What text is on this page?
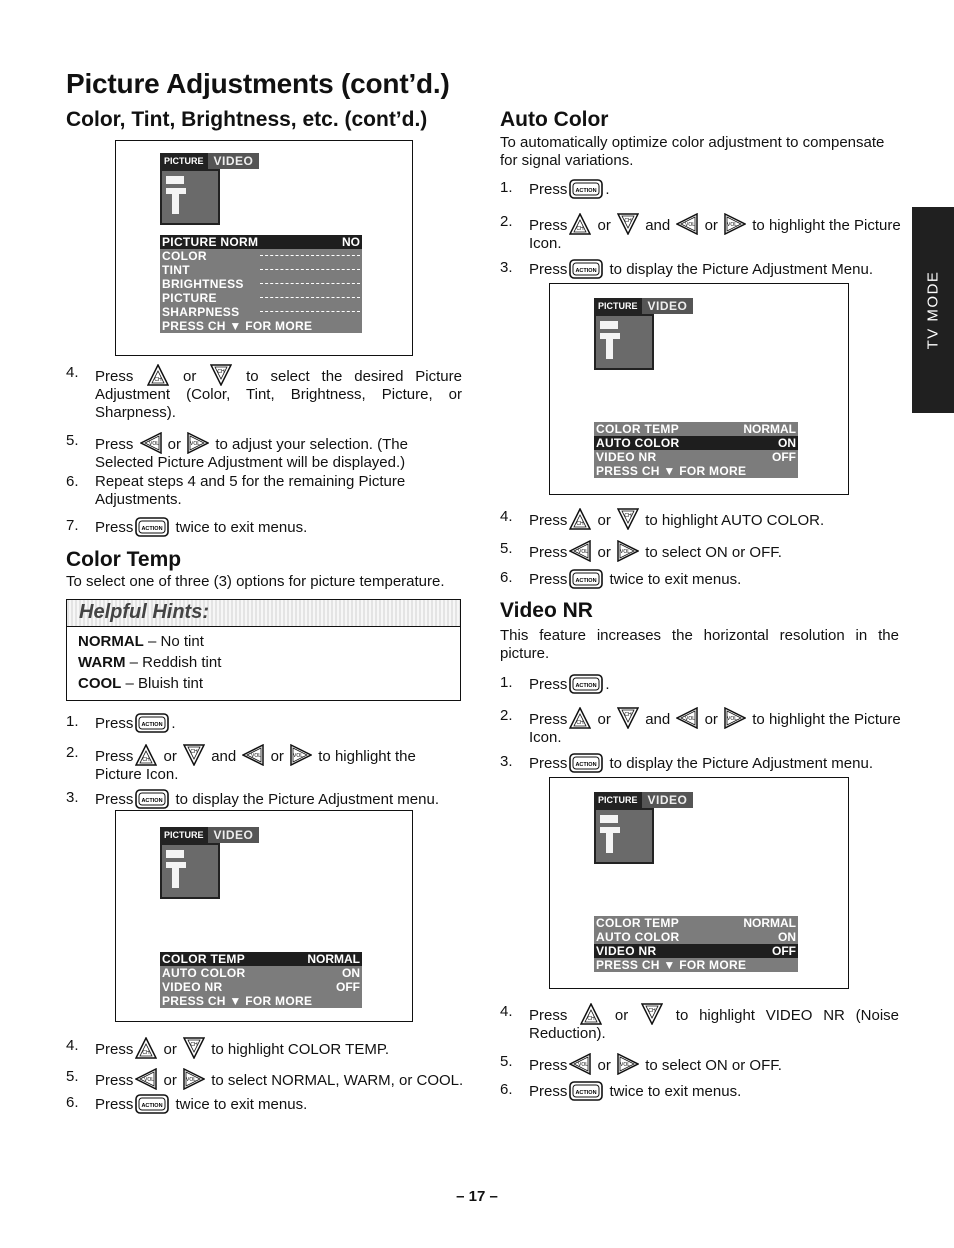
Picture Adjustments (cont’d.)
Color, Tint, Brightness, etc. (cont’d.)
PICTURE VIDEO
PICTURE NORM	NO
COLOR
TINT
BRIGHTNESS
PICTURE
SHARPNESS
PRESS CH ▼ FOR MORE
4. Press	or  to select the desired Picture Adjustment (Color, Tint, Brightness, Picture, or Sharpness).
5. Press  or  to adjust your selection. (The Selected Picture Adjustment will be displayed.)
6. Repeat steps 4 and 5 for the remaining Picture Adjustments.
7. Press	twice to exit menus.
Color Temp
To select one of three (3) options for picture temperature.
Helpful Hints:
NORMAL – No tint
WARM – Reddish tint
COOL – Bluish tint
1. Press	.
2. Press or  and  or  to highlight the Picture Icon.
3. Press	to display the Picture Adjustment menu.
PICTURE VIDEO
COLOR TEMP	NORMAL
AUTO COLOR	ON
VIDEO NR	OFF
PRESS CH ▼ FOR MORE
4. Press or  to highlight COLOR TEMP.
5. Press or  to select NORMAL, WARM, or COOL.
6. Press	twice to exit menus.
Auto Color
To automatically optimize color adjustment to compensate for signal variations.
1. Press	.
2. Press or  and  or  to highlight the Picture Icon.
3. Press	to display the Picture Adjustment Menu.
PICTURE VIDEO
COLOR TEMP	NORMAL
AUTO COLOR	ON
VIDEO NR	OFF
PRESS CH ▼ FOR MORE
4. Press or  to highlight AUTO COLOR.
5. Press or  to select ON or OFF.
6. Press	twice to exit menus.
Video NR
This feature increases the horizontal resolution in the picture.
1. Press	.
2. Press or  and  or  to highlight the Picture Icon.
3. Press	to display the Picture Adjustment menu.
PICTURE VIDEO
COLOR TEMP	NORMAL
AUTO COLOR	ON
VIDEO NR	OFF
PRESS CH ▼ FOR MORE
4. Press  or  to highlight VIDEO NR (Noise Reduction).
5. Press or  to select ON or OFF.
6. Press	twice to exit menus.
TV MODE
– 17 –
